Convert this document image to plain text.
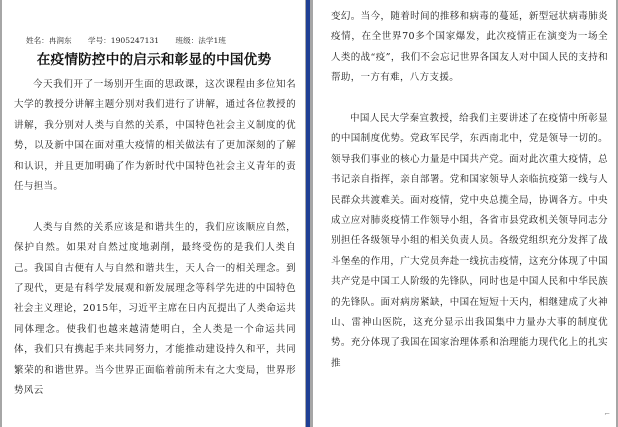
姓名：冉润东 学号：1905247131 班级：法学1班
在疫情防控中的启示和彰显的中国优势

今天我们开了一场别开生面的思政课，这次课程由多位知名大学的教授分讲解主题分别对我们进行了讲解，通过各位教授的讲解，我分别对人类与自然的关系，中国特色社会主义制度的优势，以及新中国在面对重大疫情的相关做法有了更加深刻的了解和认识，并且更加明确了作为新时代中国特色社会主义青年的责任与担当。

人类与自然的关系应该是和谐共生的，我们应该顺应自然，保护自然。如果对自然过度地剥削，最终受伤的是我们人类自己。我国自古便有人与自然和谐共生，天人合一的相关理念。到了现代，更是有科学发展观和新发展理念等科学先进的中国特色社会主义理论，2015年，习近平主席在日内瓦提出了人类命运共同体理念。使我们也越来越清楚明白，全人类是一个命运共同体，我们只有携起手来共同努力，才能推动建设持久和平，共同繁荣的和谐世界。当今世界正面临着前所未有之大变局，世界形势风云

变幻。当今，随着时间的推移和病毒的蔓延，新型冠状病毒肺炎疫情，在全世界70多个国家爆发，此次疫情正在演变为一场全人类的战“疫”，我们不会忘记世界各国友人对中国人民的支持和帮助，一方有难，八方支援。

中国人民大学秦宣教授，给我们主要讲述了在疫情中所彰显的中国制度优势。党政军民学，东西南北中，党是领导一切的。领导我们事业的核心力量是中国共产党。面对此次重大疫情，总书记亲自指挥，亲自部署。党和国家领导人亲临抗疫第一线与人民群众共渡难关。面对疫情，党中央总揽全局，协调各方。中央成立应对肺炎疫情工作领导小组，各省市县党政机关领导同志分别担任各级领导小组的相关负责人员。各级党组织充分发挥了战斗堡垒的作用，广大党员奔赴一线抗击疫情，这充分体现了中国共产党是中国工人阶级的先锋队，同时也是中国人民和中华民族的先锋队。面对病房紧缺，中国在短短十天内，相继建成了火神山、雷神山医院，这充分显示出我国集中力量办大事的制度优势。充分体现了我国在国家治理体系和治理能力现代化上的扎实推

⌐
